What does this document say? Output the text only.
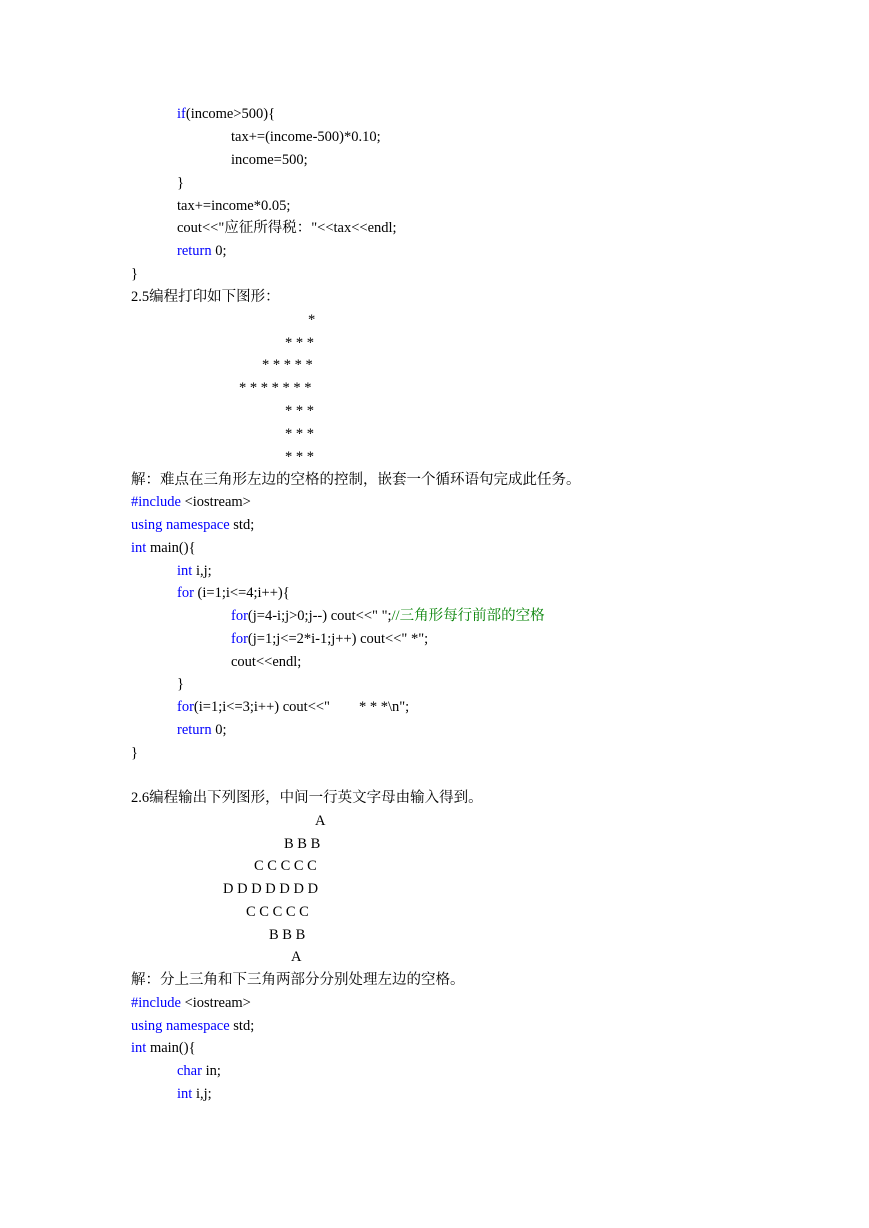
if(income>500){
tax+=(income-500)*0.10;
income=500;
}
tax+=income*0.05;
cout<<"应征所得税："<<tax<<endl;
return 0;
}
2.5编程打印如下图形：
*
* * *
* * * * *
* * * * * * *
* * *
* * *
* * *
解：难点在三角形左边的空格的控制，嵌套一个循环语句完成此任务。
#include <iostream>
using namespace std;
int main(){
int i,j;
for (i=1;i<=4;i++){
for(j=4-i;j>0;j--) cout<<" ";//三角形每行前部的空格
for(j=1;j<=2*i-1;j++) cout<<" *";
cout<<endl;
}
for(i=1;i<=3;i++) cout<<"        * * *\n";
return 0;
}
2.6编程输出下列图形，中间一行英文字母由输入得到。
A
B B B
C C C C C
D D D D D D D
C C C C C
B B B
A
解：分上三角和下三角两部分分别处理左边的空格。
#include <iostream>
using namespace std;
int main(){
char in;
int i,j;
